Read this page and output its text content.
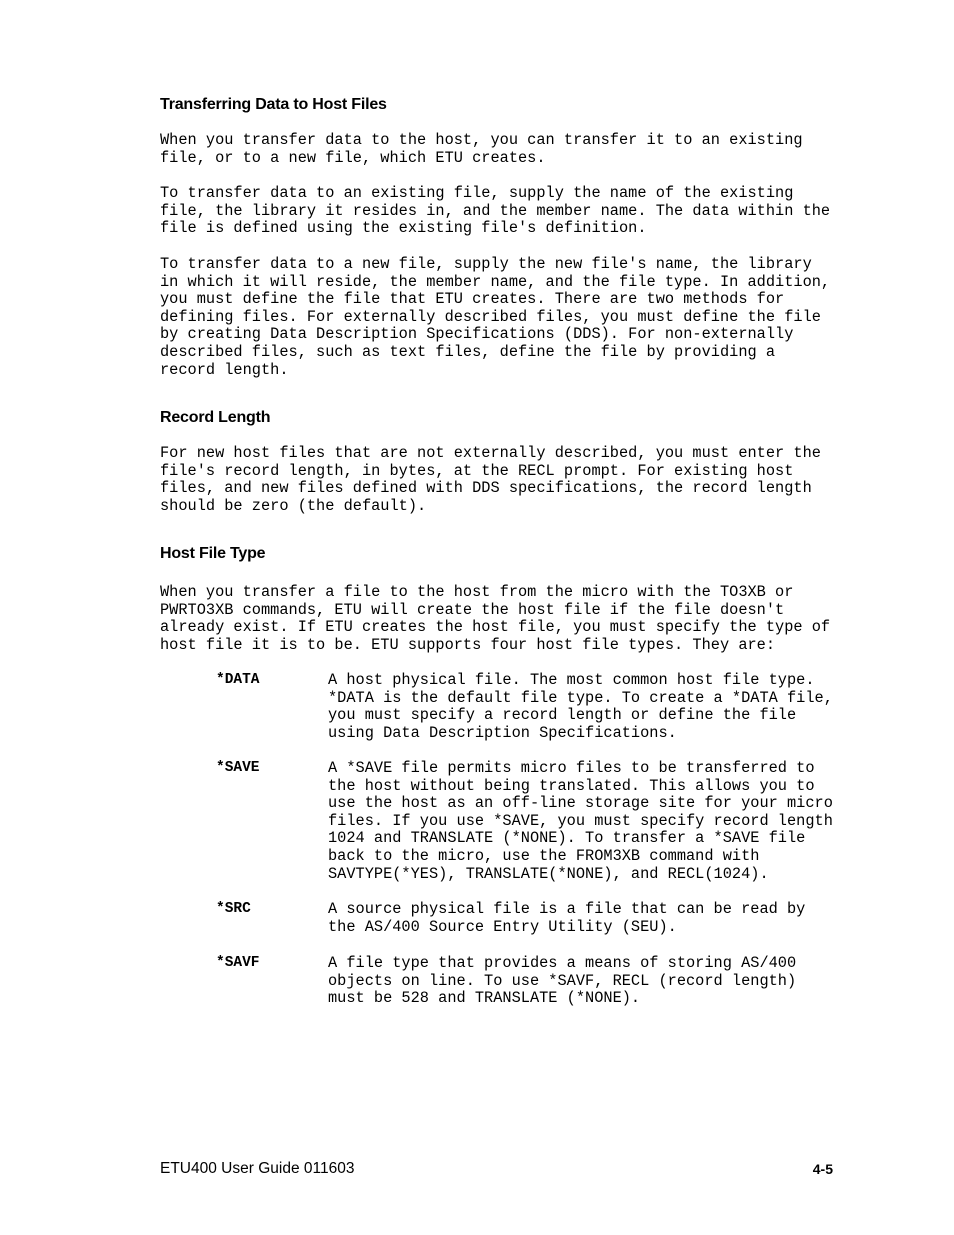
Transferring Data to Host Files

When you transfer data to the host, you can transfer it to an existing
file, or to a new file, which ETU creates.

To transfer data to an existing file, supply the name of the existing
file, the library it resides in, and the member name. The data within the
file is defined using the existing file's definition.

To transfer data to a new file, supply the new file's name, the library
in which it will reside, the member name, and the file type. In addition,
you must define the file that ETU creates. There are two methods for
defining files. For externally described files, you must define the file
by creating Data Description Specifications (DDS). For non-externally
described files, such as text files, define the file by providing a
record length.

Record Length

For new host files that are not externally described, you must enter the
file's record length, in bytes, at the RECL prompt. For existing host
files, and new files defined with DDS specifications, the record length
should be zero (the default).

Host File Type

When you transfer a file to the host from the micro with the TO3XB or
PWRTO3XB commands, ETU will create the host file if the file doesn't
already exist. If ETU creates the host file, you must specify the type of
host file it is to be. ETU supports four host file types. They are:

*DATA	A host physical file. The most common host file type.
*DATA is the default file type. To create a *DATA file,
you must specify a record length or define the file
using Data Description Specifications.

*SAVE	A *SAVE file permits micro files to be transferred to
the host without being translated. This allows you to
use the host as an off-line storage site for your micro
files. If you use *SAVE, you must specify record length
1024 and TRANSLATE (*NONE). To transfer a *SAVE file
back to the micro, use the FROM3XB command with
SAVTYPE(*YES), TRANSLATE(*NONE), and RECL(1024).

*SRC	A source physical file is a file that can be read by
the AS/400 Source Entry Utility (SEU).

*SAVF	A file type that provides a means of storing AS/400
objects on line. To use *SAVF, RECL (record length)
must be 528 and TRANSLATE (*NONE).

ETU400 User Guide 011603	4-5
